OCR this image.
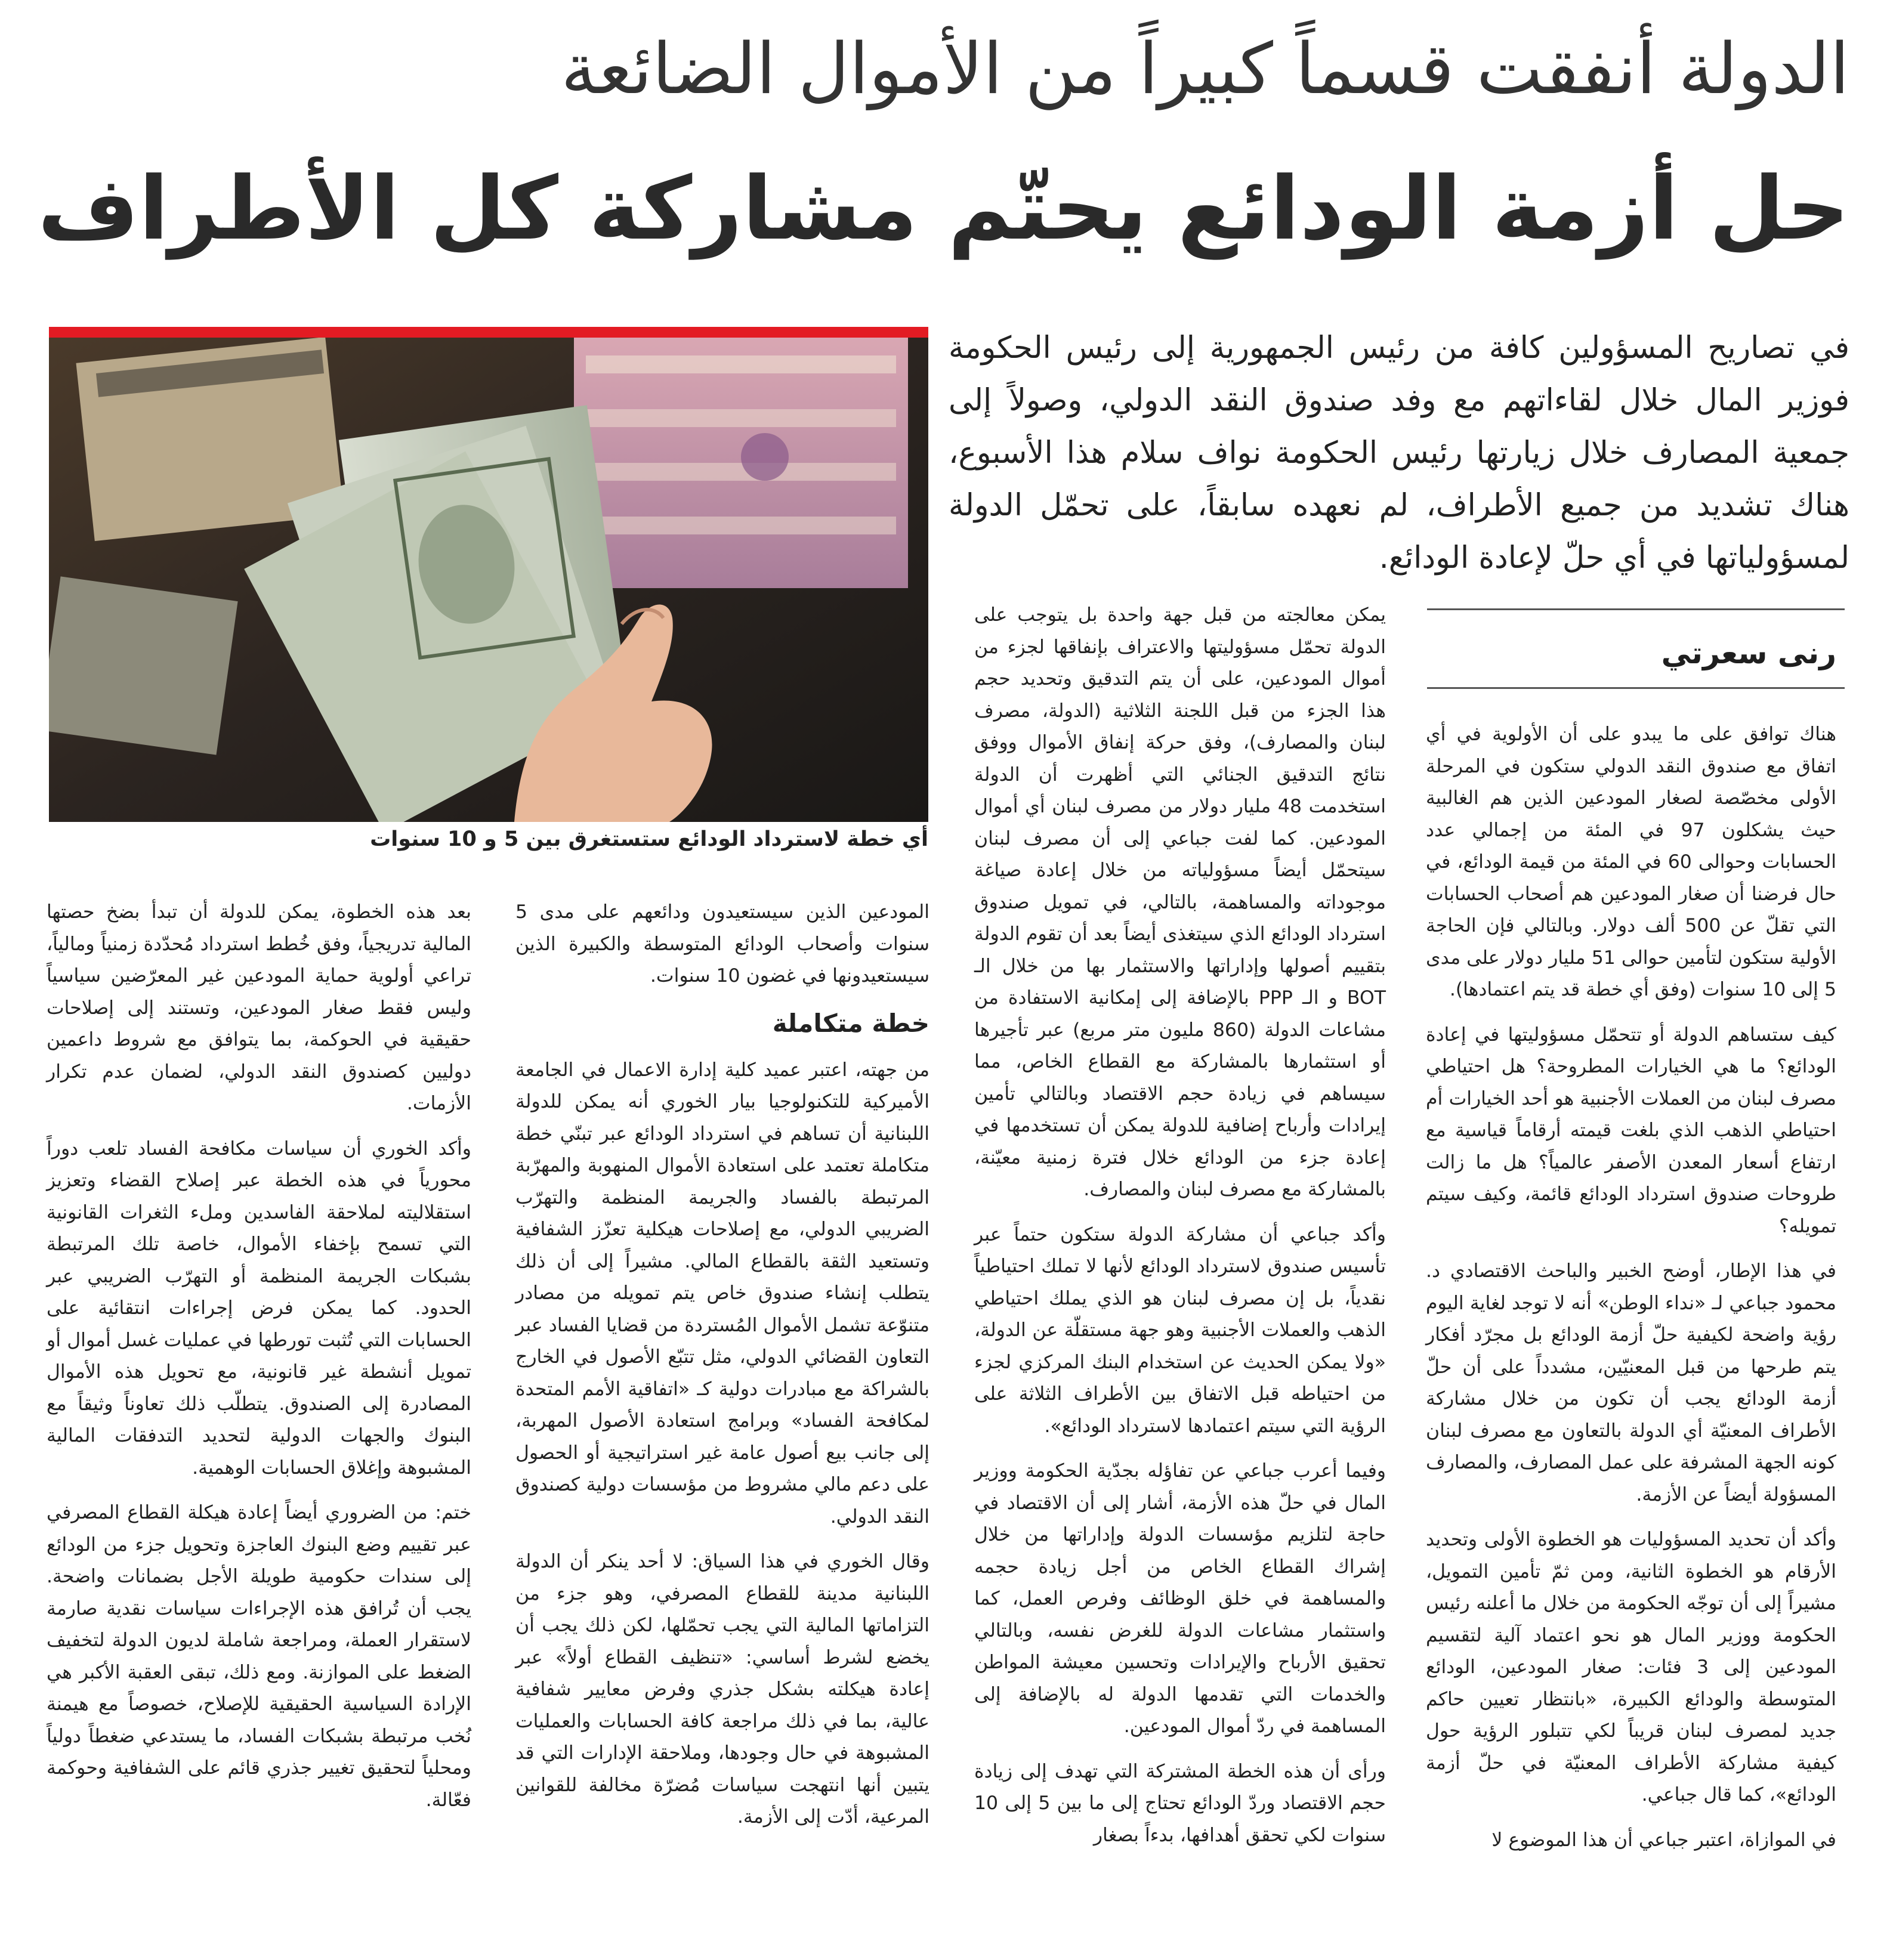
الدولة أنفقت قسماً كبيراً من الأموال الضائعة
حل أزمة الودائع يحتّم مشاركة كل الأطراف

في تصاريح المسؤولين كافة من رئيس الجمهورية إلى رئيس الحكومة فوزير المال خلال لقاءاتهم مع وفد صندوق النقد الدولي، وصولاً إلى جمعية المصارف خلال زيارتها رئيس الحكومة نواف سلام هذا الأسبوع، هناك تشديد من جميع الأطراف، لم نعهده سابقاً، على تحمّل الدولة لمسؤولياتها في أي حلّ لإعادة الودائع.

أي خطة لاسترداد الودائع ستستغرق بين 5 و 10 سنوات
رنى سعرتي

هناك توافق على ما يبدو على أن الأولوية في أي اتفاق مع صندوق النقد الدولي ستكون في المرحلة الأولى مخصّصة لصغار المودعين الذين هم الغالبية حيث يشكلون 97 في المئة من إجمالي عدد الحسابات وحوالى 60 في المئة من قيمة الودائع، في حال فرضنا أن صغار المودعين هم أصحاب الحسابات التي تقلّ عن 500 ألف دولار. وبالتالي فإن الحاجة الأولية ستكون لتأمين حوالى 51 مليار دولار على مدى 5 إلى 10 سنوات (وفق أي خطة قد يتم اعتمادها).

كيف ستساهم الدولة أو تتحمّل مسؤوليتها في إعادة الودائع؟ ما هي الخيارات المطروحة؟ هل احتياطي مصرف لبنان من العملات الأجنبية هو أحد الخيارات أم احتياطي الذهب الذي بلغت قيمته أرقاماً قياسية مع ارتفاع أسعار المعدن الأصفر عالمياً؟ هل ما زالت طروحات صندوق استرداد الودائع قائمة، وكيف سيتم تمويله؟

في هذا الإطار، أوضح الخبير والباحث الاقتصادي د. محمود جباعي لـ «نداء الوطن» أنه لا توجد لغاية اليوم رؤية واضحة لكيفية حلّ أزمة الودائع بل مجرّد أفكار يتم طرحها من قبل المعنيّين، مشدداً على أن حلّ أزمة الودائع يجب أن تكون من خلال مشاركة الأطراف المعنيّة أي الدولة بالتعاون مع مصرف لبنان كونه الجهة المشرفة على عمل المصارف، والمصارف المسؤولة أيضاً عن الأزمة.

وأكد أن تحديد المسؤوليات هو الخطوة الأولى وتحديد الأرقام هو الخطوة الثانية، ومن ثمّ تأمين التمويل، مشيراً إلى أن توجّه الحكومة من خلال ما أعلنه رئيس الحكومة ووزير المال هو نحو اعتماد آلية لتقسيم المودعين إلى 3 فئات: صغار المودعين، الودائع المتوسطة والودائع الكبيرة، «بانتظار تعيين حاكم جديد لمصرف لبنان قريباً لكي تتبلور الرؤية حول كيفية مشاركة الأطراف المعنيّة في حلّ أزمة الودائع»، كما قال جباعي.

في الموازاة، اعتبر جباعي أن هذا الموضوع لا

يمكن معالجته من قبل جهة واحدة بل يتوجب على الدولة تحمّل مسؤوليتها والاعتراف بإنفاقها لجزء من أموال المودعين، على أن يتم التدقيق وتحديد حجم هذا الجزء من قبل اللجنة الثلاثية (الدولة، مصرف لبنان والمصارف)، وفق حركة إنفاق الأموال ووفق نتائج التدقيق الجنائي التي أظهرت أن الدولة استخدمت 48 مليار دولار من مصرف لبنان أي أموال المودعين. كما لفت جباعي إلى أن مصرف لبنان سيتحمّل أيضاً مسؤولياته من خلال إعادة صياغة موجوداته والمساهمة، بالتالي، في تمويل صندوق استرداد الودائع الذي سيتغذى أيضاً بعد أن تقوم الدولة بتقييم أصولها وإداراتها والاستثمار بها من خلال الـ BOT و الـ PPP بالإضافة إلى إمكانية الاستفادة من مشاعات الدولة (860 مليون متر مربع) عبر تأجيرها أو استثمارها بالمشاركة مع القطاع الخاص، مما سيساهم في زيادة حجم الاقتصاد وبالتالي تأمين إيرادات وأرباح إضافية للدولة يمكن أن تستخدمها في إعادة جزء من الودائع خلال فترة زمنية معيّنة، بالمشاركة مع مصرف لبنان والمصارف.

وأكد جباعي أن مشاركة الدولة ستكون حتماً عبر تأسيس صندوق لاسترداد الودائع لأنها لا تملك احتياطياً نقدياً، بل إن مصرف لبنان هو الذي يملك احتياطي الذهب والعملات الأجنبية وهو جهة مستقلّة عن الدولة، «ولا يمكن الحديث عن استخدام البنك المركزي لجزء من احتياطه قبل الاتفاق بين الأطراف الثلاثة على الرؤية التي سيتم اعتمادها لاسترداد الودائع».

وفيما أعرب جباعي عن تفاؤله بجدّية الحكومة ووزير المال في حلّ هذه الأزمة، أشار إلى أن الاقتصاد في حاجة لتلزيم مؤسسات الدولة وإداراتها من خلال إشراك القطاع الخاص من أجل زيادة حجمه والمساهمة في خلق الوظائف وفرص العمل، كما واستثمار مشاعات الدولة للغرض نفسه، وبالتالي تحقيق الأرباح والإيرادات وتحسين معيشة المواطن والخدمات التي تقدمها الدولة له بالإضافة إلى المساهمة في ردّ أموال المودعين.

ورأى أن هذه الخطة المشتركة التي تهدف إلى زيادة حجم الاقتصاد وردّ الودائع تحتاج إلى ما بين 5 إلى 10 سنوات لكي تحقق أهدافها، بدءاً بصغار

المودعين الذين سيستعيدون ودائعهم على مدى 5 سنوات وأصحاب الودائع المتوسطة والكبيرة الذين سيستعيدونها في غضون 10 سنوات.

خطة متكاملة

من جهته، اعتبر عميد كلية إدارة الاعمال في الجامعة الأميركية للتكنولوجيا بيار الخوري أنه يمكن للدولة اللبنانية أن تساهم في استرداد الودائع عبر تبنّي خطة متكاملة تعتمد على استعادة الأموال المنهوبة والمهرّبة المرتبطة بالفساد والجريمة المنظمة والتهرّب الضريبي الدولي، مع إصلاحات هيكلية تعزّز الشفافية وتستعيد الثقة بالقطاع المالي. مشيراً إلى أن ذلك يتطلب إنشاء صندوق خاص يتم تمويله من مصادر متنوّعة تشمل الأموال المُستردة من قضايا الفساد عبر التعاون القضائي الدولي، مثل تتبّع الأصول في الخارج بالشراكة مع مبادرات دولية كـ «اتفاقية الأمم المتحدة لمكافحة الفساد» وبرامج استعادة الأصول المهربة، إلى جانب بيع أصول عامة غير استراتيجية أو الحصول على دعم مالي مشروط من مؤسسات دولية كصندوق النقد الدولي.

وقال الخوري في هذا السياق: لا أحد ينكر أن الدولة اللبنانية مدينة للقطاع المصرفي، وهو جزء من التزاماتها المالية التي يجب تحمّلها، لكن ذلك يجب أن يخضع لشرط أساسي: «تنظيف القطاع أولاً» عبر إعادة هيكلته بشكل جذري وفرض معايير شفافية عالية، بما في ذلك مراجعة كافة الحسابات والعمليات المشبوهة في حال وجودها، وملاحقة الإدارات التي قد يتبين أنها انتهجت سياسات مُضرّة مخالفة للقوانين المرعية، أدّت إلى الأزمة.

بعد هذه الخطوة، يمكن للدولة أن تبدأ بضخ حصتها المالية تدريجياً، وفق خُطط استرداد مُحدّدة زمنياً ومالياً، تراعي أولوية حماية المودعين غير المعرّضين سياسياً وليس فقط صغار المودعين، وتستند إلى إصلاحات حقيقية في الحوكمة، بما يتوافق مع شروط داعمين دوليين كصندوق النقد الدولي، لضمان عدم تكرار الأزمات.

وأكد الخوري أن سياسات مكافحة الفساد تلعب دوراً محورياً في هذه الخطة عبر إصلاح القضاء وتعزيز استقلاليته لملاحقة الفاسدين وملء الثغرات القانونية التي تسمح بإخفاء الأموال، خاصة تلك المرتبطة بشبكات الجريمة المنظمة أو التهرّب الضريبي عبر الحدود. كما يمكن فرض إجراءات انتقائية على الحسابات التي تُثبت تورطها في عمليات غسل أموال أو تمويل أنشطة غير قانونية، مع تحويل هذه الأموال المصادرة إلى الصندوق. يتطلّب ذلك تعاوناً وثيقاً مع البنوك والجهات الدولية لتحديد التدفقات المالية المشبوهة وإغلاق الحسابات الوهمية.

ختم: من الضروري أيضاً إعادة هيكلة القطاع المصرفي عبر تقييم وضع البنوك العاجزة وتحويل جزء من الودائع إلى سندات حكومية طويلة الأجل بضمانات واضحة. يجب أن تُرافق هذه الإجراءات سياسات نقدية صارمة لاستقرار العملة، ومراجعة شاملة لديون الدولة لتخفيف الضغط على الموازنة. ومع ذلك، تبقى العقبة الأكبر هي الإرادة السياسية الحقيقية للإصلاح، خصوصاً مع هيمنة نُخب مرتبطة بشبكات الفساد، ما يستدعي ضغطاً دولياً ومحلياً لتحقيق تغيير جذري قائم على الشفافية وحوكمة فعّالة.
